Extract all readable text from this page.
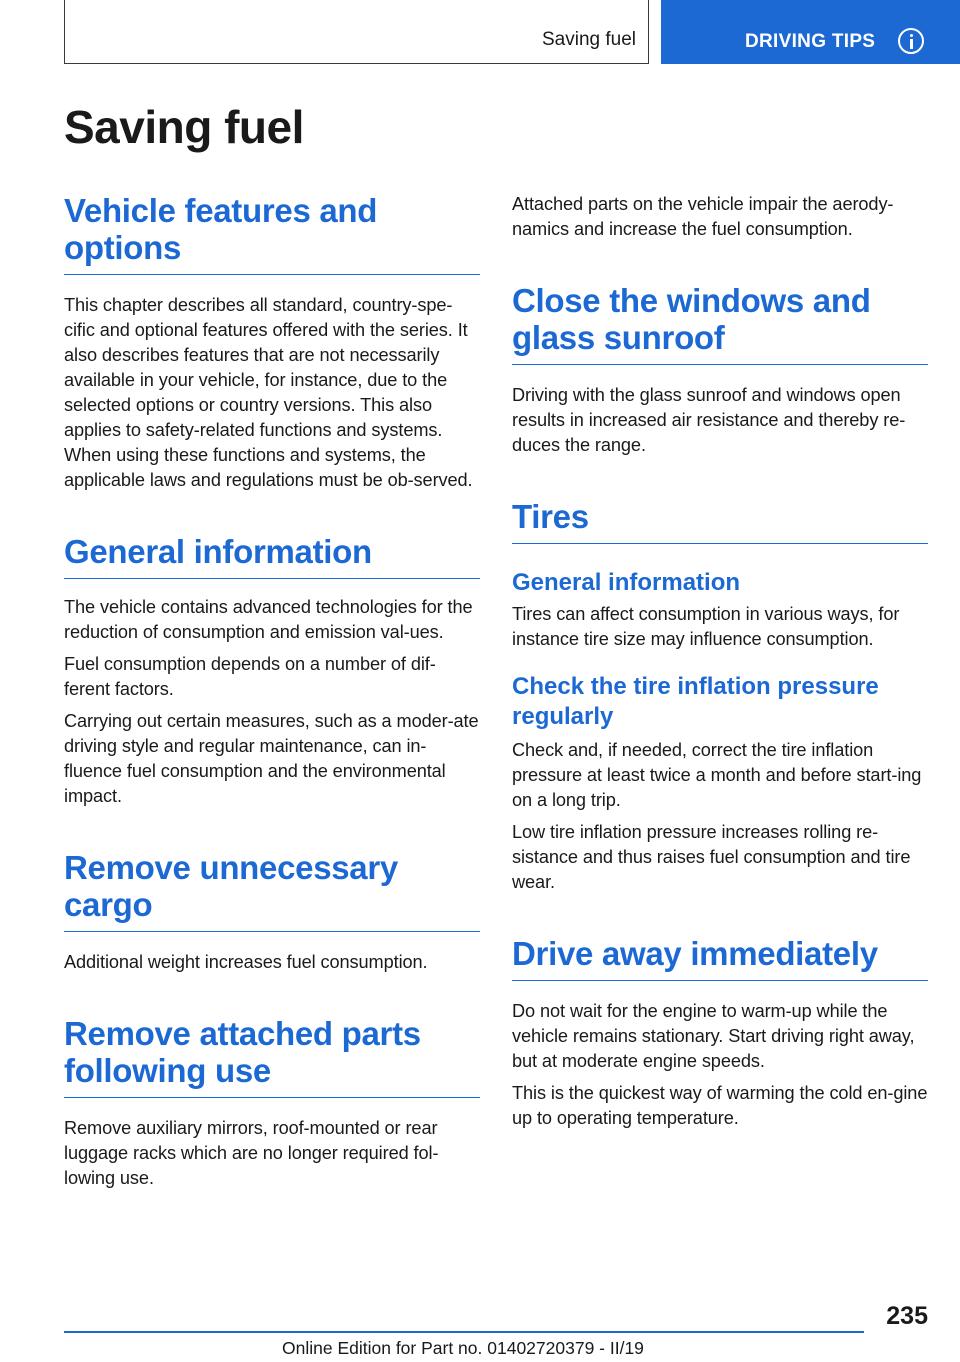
Saving fuel	DRIVING TIPS
Saving fuel
Vehicle features and options

This chapter describes all standard, country-spe-cific and optional features offered with the series. It also describes features that are not necessarily available in your vehicle, for instance, due to the selected options or country versions. This also applies to safety-related functions and systems. When using these functions and systems, the applicable laws and regulations must be ob-served.

General information

The vehicle contains advanced technologies for the reduction of consumption and emission val-ues.

Fuel consumption depends on a number of dif-ferent factors.

Carrying out certain measures, such as a moder-ate driving style and regular maintenance, can in-fluence fuel consumption and the environmental impact.

Remove unnecessary cargo

Additional weight increases fuel consumption.

Remove attached parts following use

Remove auxiliary mirrors, roof-mounted or rear luggage racks which are no longer required fol-lowing use.

Attached parts on the vehicle impair the aerody-namics and increase the fuel consumption.

Close the windows and glass sunroof

Driving with the glass sunroof and windows open results in increased air resistance and thereby re-duces the range.

Tires
General information

Tires can affect consumption in various ways, for instance tire size may influence consumption.

Check the tire inflation pressure regularly

Check and, if needed, correct the tire inflation pressure at least twice a month and before start-ing on a long trip.

Low tire inflation pressure increases rolling re-sistance and thus raises fuel consumption and tire wear.

Drive away immediately

Do not wait for the engine to warm-up while the vehicle remains stationary. Start driving right away, but at moderate engine speeds.

This is the quickest way of warming the cold en-gine up to operating temperature.

235
Online Edition for Part no. 01402720379 - II/19
